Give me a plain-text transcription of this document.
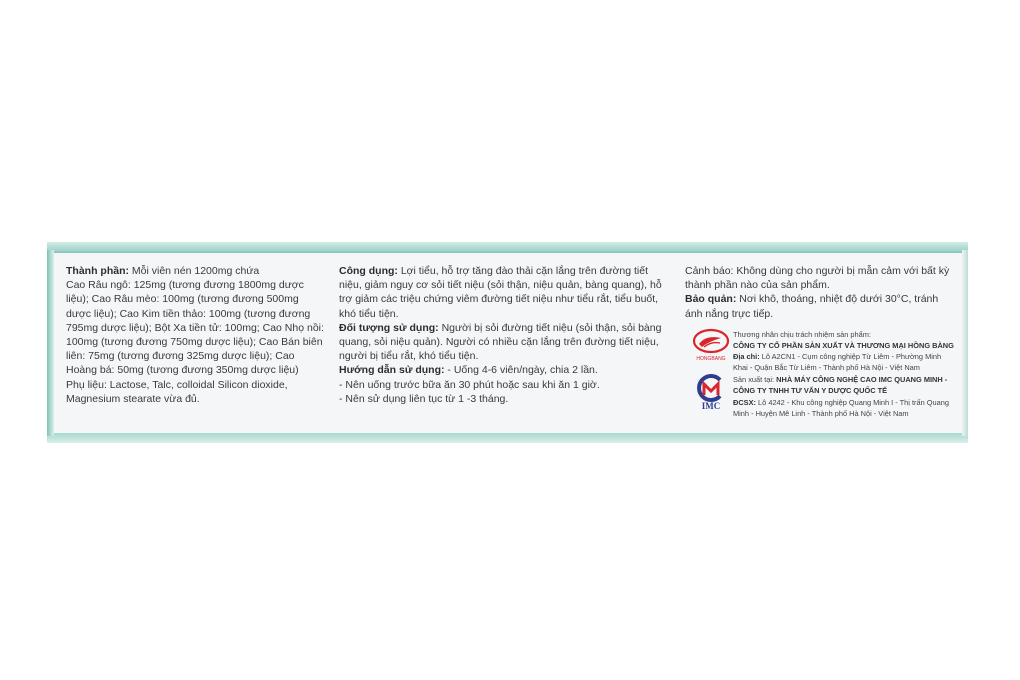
Thành phần: Mỗi viên nén 1200mg chứa

Cao Râu ngô: 125mg (tương đương 1800mg dược liệu); Cao Râu mèo: 100mg (tương đương 500mg dược liệu); Cao Kim tiền thảo: 100mg (tương đương 795mg dược liệu); Bột Xa tiền tử: 100mg; Cao Nhọ nồi: 100mg (tương đương 750mg dược liệu); Cao Bán biên liên: 75mg (tương đương 325mg dược liệu); Cao Hoàng bá: 50mg (tương đương 350mg dược liệu)

Phụ liệu: Lactose, Talc, colloidal Silicon dioxide, Magnesium stearate vừa đủ.

Công dụng: Lợi tiểu, hỗ trợ tăng đào thải cặn lắng trên đường tiết niệu, giảm nguy cơ sỏi tiết niệu (sỏi thận, niệu quản, bàng quang), hỗ trợ giảm các triệu chứng viêm đường tiết niệu như tiểu rắt, tiểu buốt, khó tiểu tiện.

Đối tượng sử dụng: Người bị sỏi đường tiết niệu (sỏi thận, sỏi bàng quang, sỏi niệu quản). Người có nhiều cặn lắng trên đường tiết niệu, người bị tiểu rắt, khó tiểu tiện.

Hướng dẫn sử dụng: - Uống 4-6 viên/ngày, chia 2 lần.

- Nên uống trước bữa ăn 30 phút hoặc sau khi ăn 1 giờ.

- Nên sử dụng liên tục từ 1 -3 tháng.

Cảnh báo: Không dùng cho người bị mẫn cảm với bất kỳ thành phần nào của sản phẩm.

Bảo quản: Nơi khô, thoáng, nhiệt độ dưới 30°C, tránh ánh nắng trực tiếp.

HONGBANG
IMC
Thương nhân chịu trách nhiệm sản phẩm:
CÔNG TY CỔ PHẦN SẢN XUẤT VÀ THƯƠNG MẠI HỒNG BÀNG
Địa chỉ: Lô A2CN1 - Cụm công nghiệp Từ Liêm - Phường Minh Khai - Quận Bắc Từ Liêm - Thành phố Hà Nội - Việt Nam
Sản xuất tại: NHÀ MÁY CÔNG NGHỆ CAO IMC QUANG MINH - CÔNG TY TNHH TƯ VẤN Y DƯỢC QUỐC TẾ
ĐCSX: Lô 4242 - Khu công nghiệp Quang Minh I - Thị trấn Quang Minh - Huyện Mê Linh - Thành phố Hà Nội - Việt Nam
